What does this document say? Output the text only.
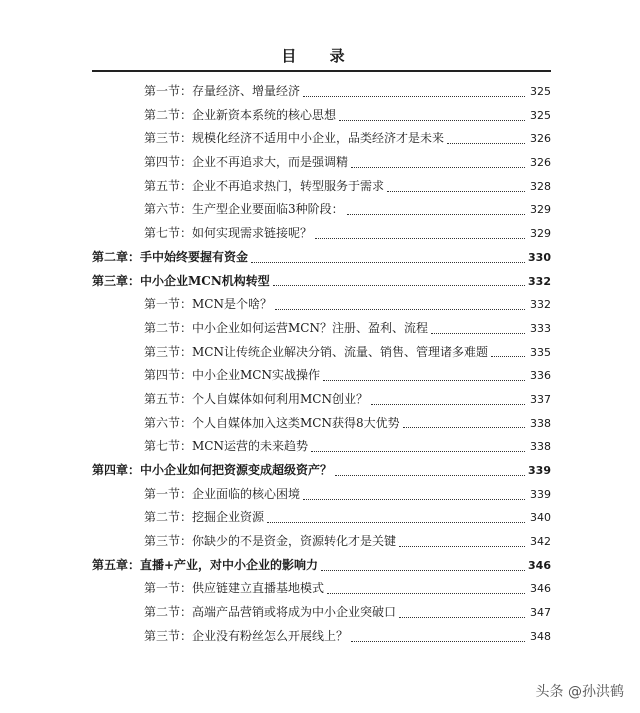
目 录
第一节：存量经济、增量经济	325
第二节：企业新资本系统的核心思想	325
第三节：规模化经济不适用中小企业，品类经济才是未来	326
第四节：企业不再追求大，而是强调精	326
第五节：企业不再追求热门，转型服务于需求	328
第六节：生产型企业要面临3种阶段：	329
第七节：如何实现需求链接呢？	329
第二章：手中始终要握有资金	330
第三章：中小企业MCN机构转型	332
第一节：MCN是个啥？	332
第二节：中小企业如何运营MCN？注册、盈利、流程	333
第三节：MCN让传统企业解决分销、流量、销售、管理诸多难题	335
第四节：中小企业MCN实战操作	336
第五节：个人自媒体如何利用MCN创业？	337
第六节：个人自媒体加入这类MCN获得8大优势	338
第七节：MCN运营的未来趋势	338
第四章：中小企业如何把资源变成超级资产？	339
第一节：企业面临的核心困境	339
第二节：挖掘企业资源	340
第三节：你缺少的不是资金，资源转化才是关键	342
第五章：直播+产业，对中小企业的影响力	346
第一节：供应链建立直播基地模式	346
第二节：高端产品营销或将成为中小企业突破口	347
第三节：企业没有粉丝怎么开展线上？	348
头条 @孙洪鹤
